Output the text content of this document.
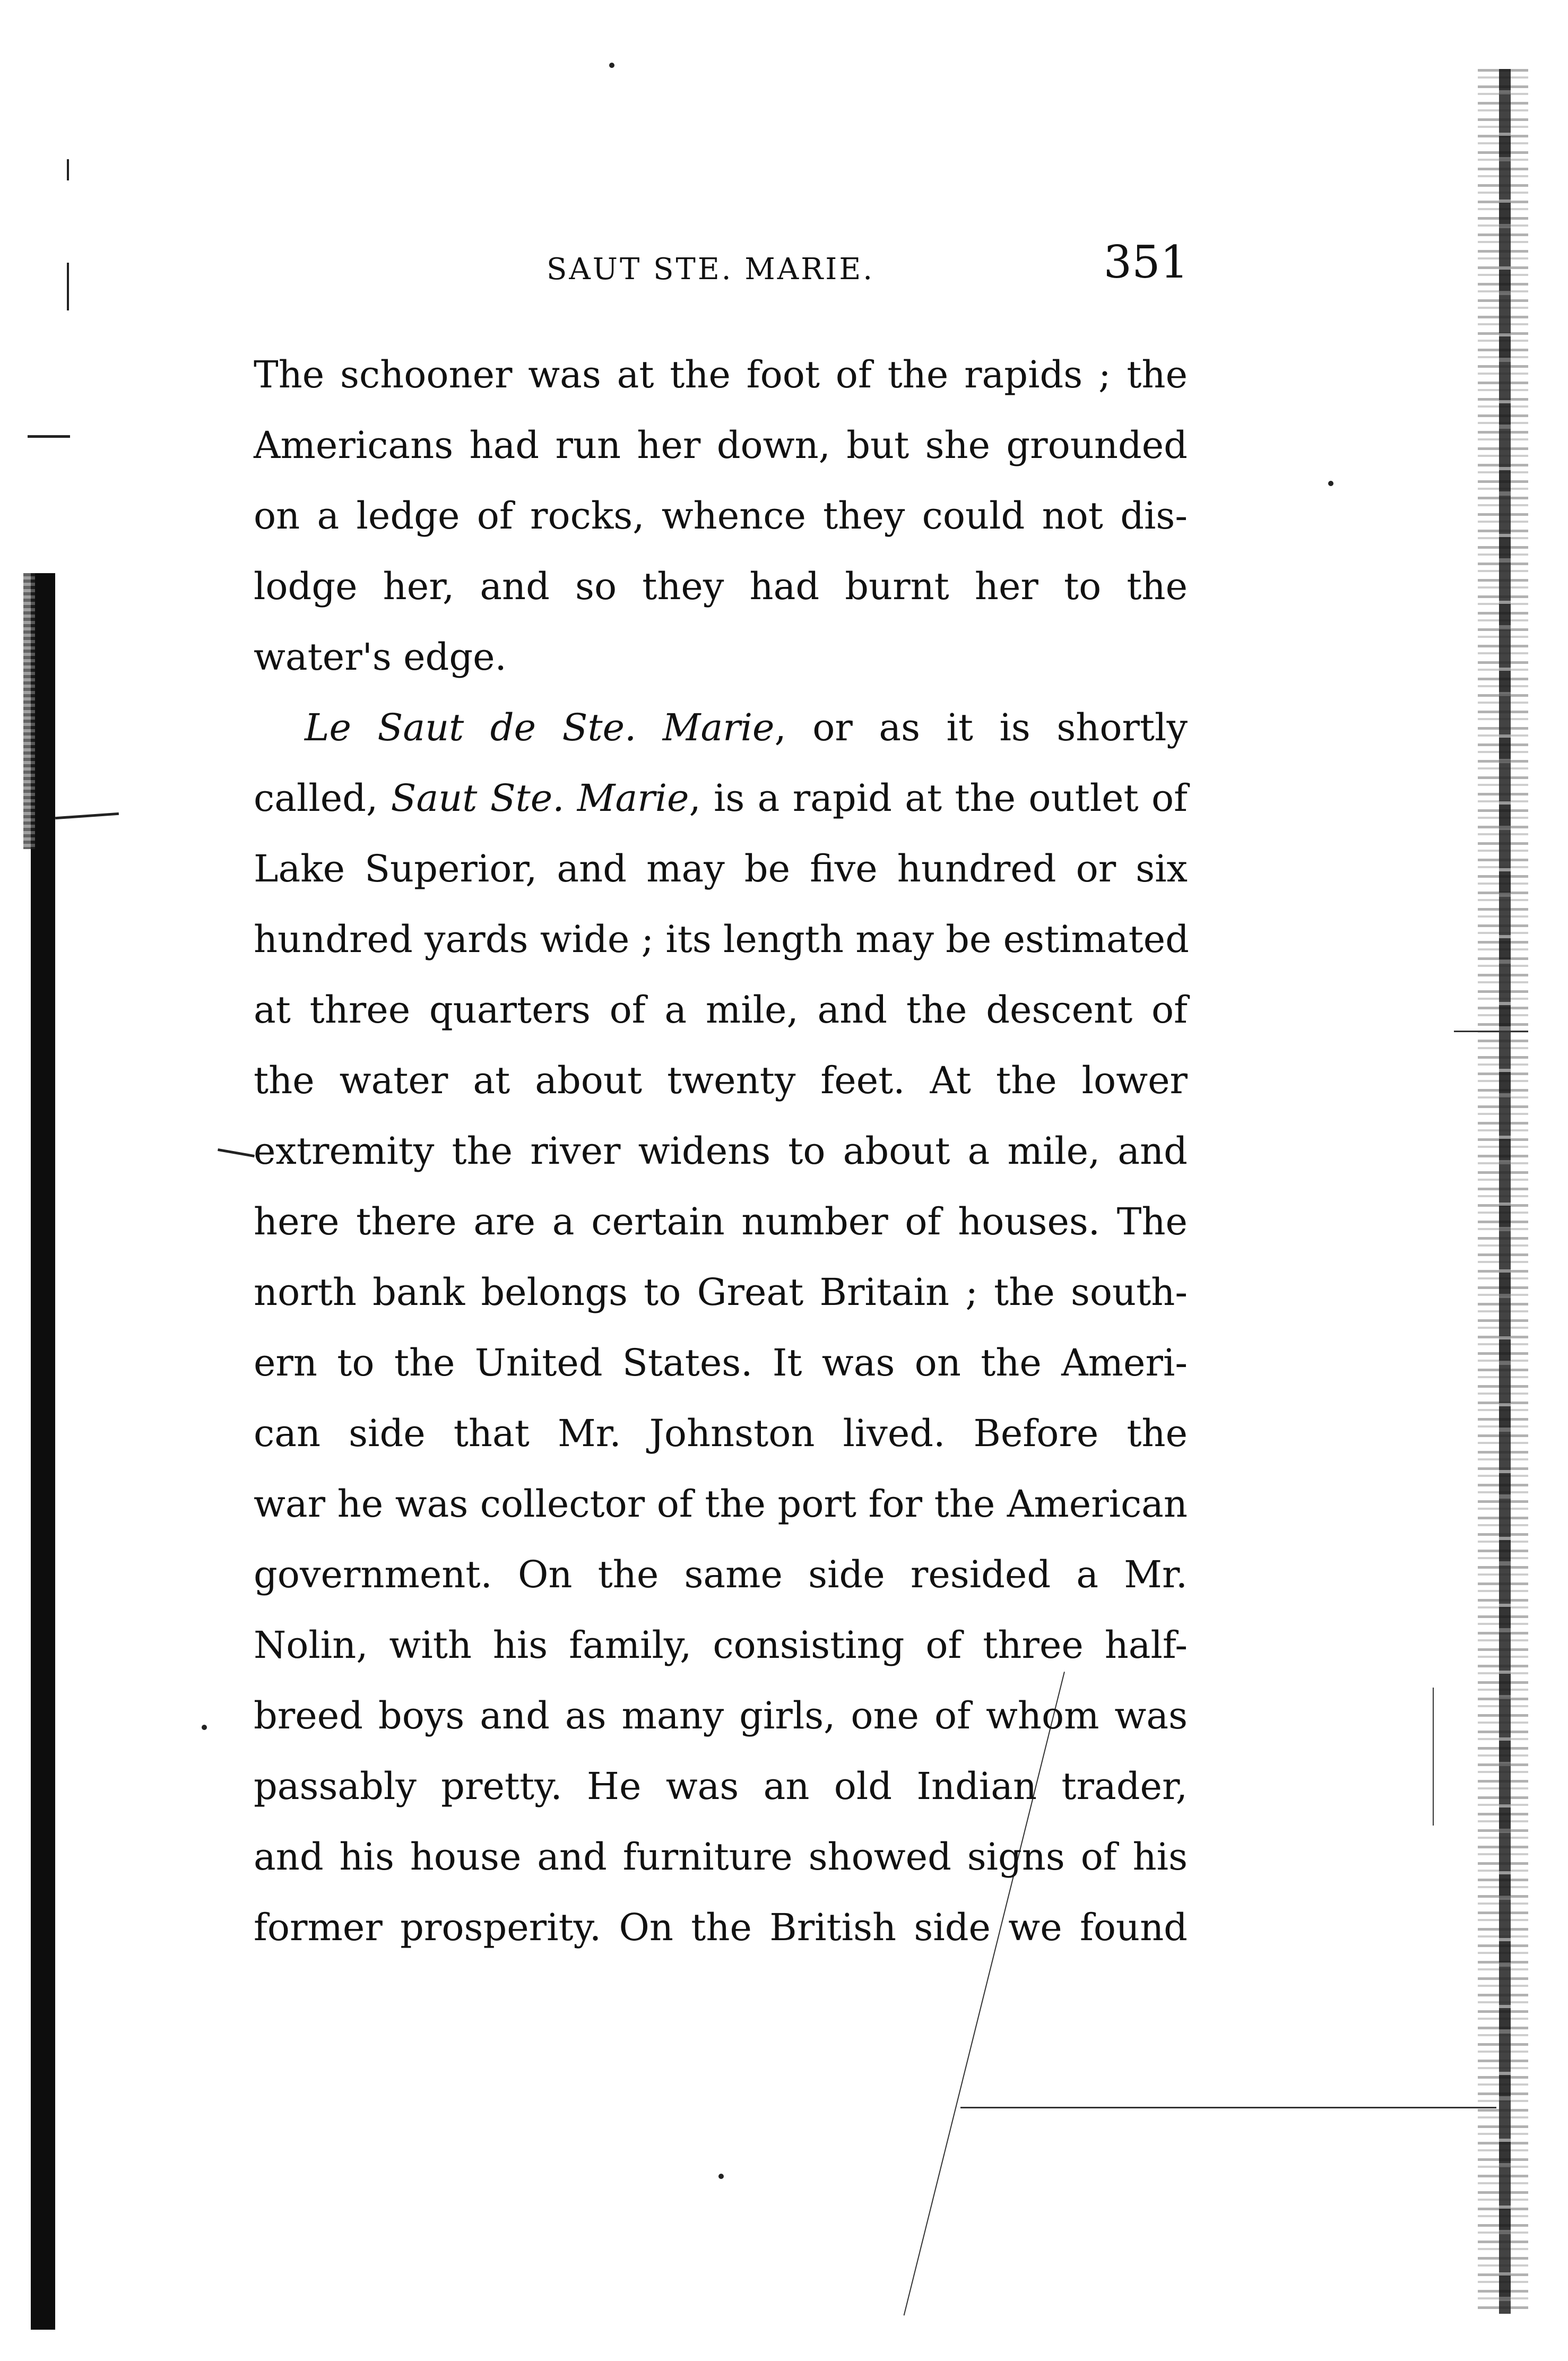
SAUT STE. MARIE.	351
The schooner was at the foot of the rapids ; the
Americans had run her down, but she grounded
on a ledge of rocks, whence they could not dis-
lodge her, and so they had burnt her to the
water's edge.
Le Saut de Ste. Marie, or as it is shortly
called, Saut Ste. Marie, is a rapid at the outlet of
Lake Superior, and may be five hundred or six
hundred yards wide ; its length may be estimated
at three quarters of a mile, and the descent of
the water at about twenty feet. At the lower
extremity the river widens to about a mile, and
here there are a certain number of houses. The
north bank belongs to Great Britain ; the south-
ern to the United States. It was on the Ameri-
can side that Mr. Johnston lived. Before the
war he was collector of the port for the American
government. On the same side resided a Mr.
Nolin, with his family, consisting of three half-
breed boys and as many girls, one of whom was
passably pretty. He was an old Indian trader,
and his house and furniture showed signs of his
former prosperity. On the British side we found
